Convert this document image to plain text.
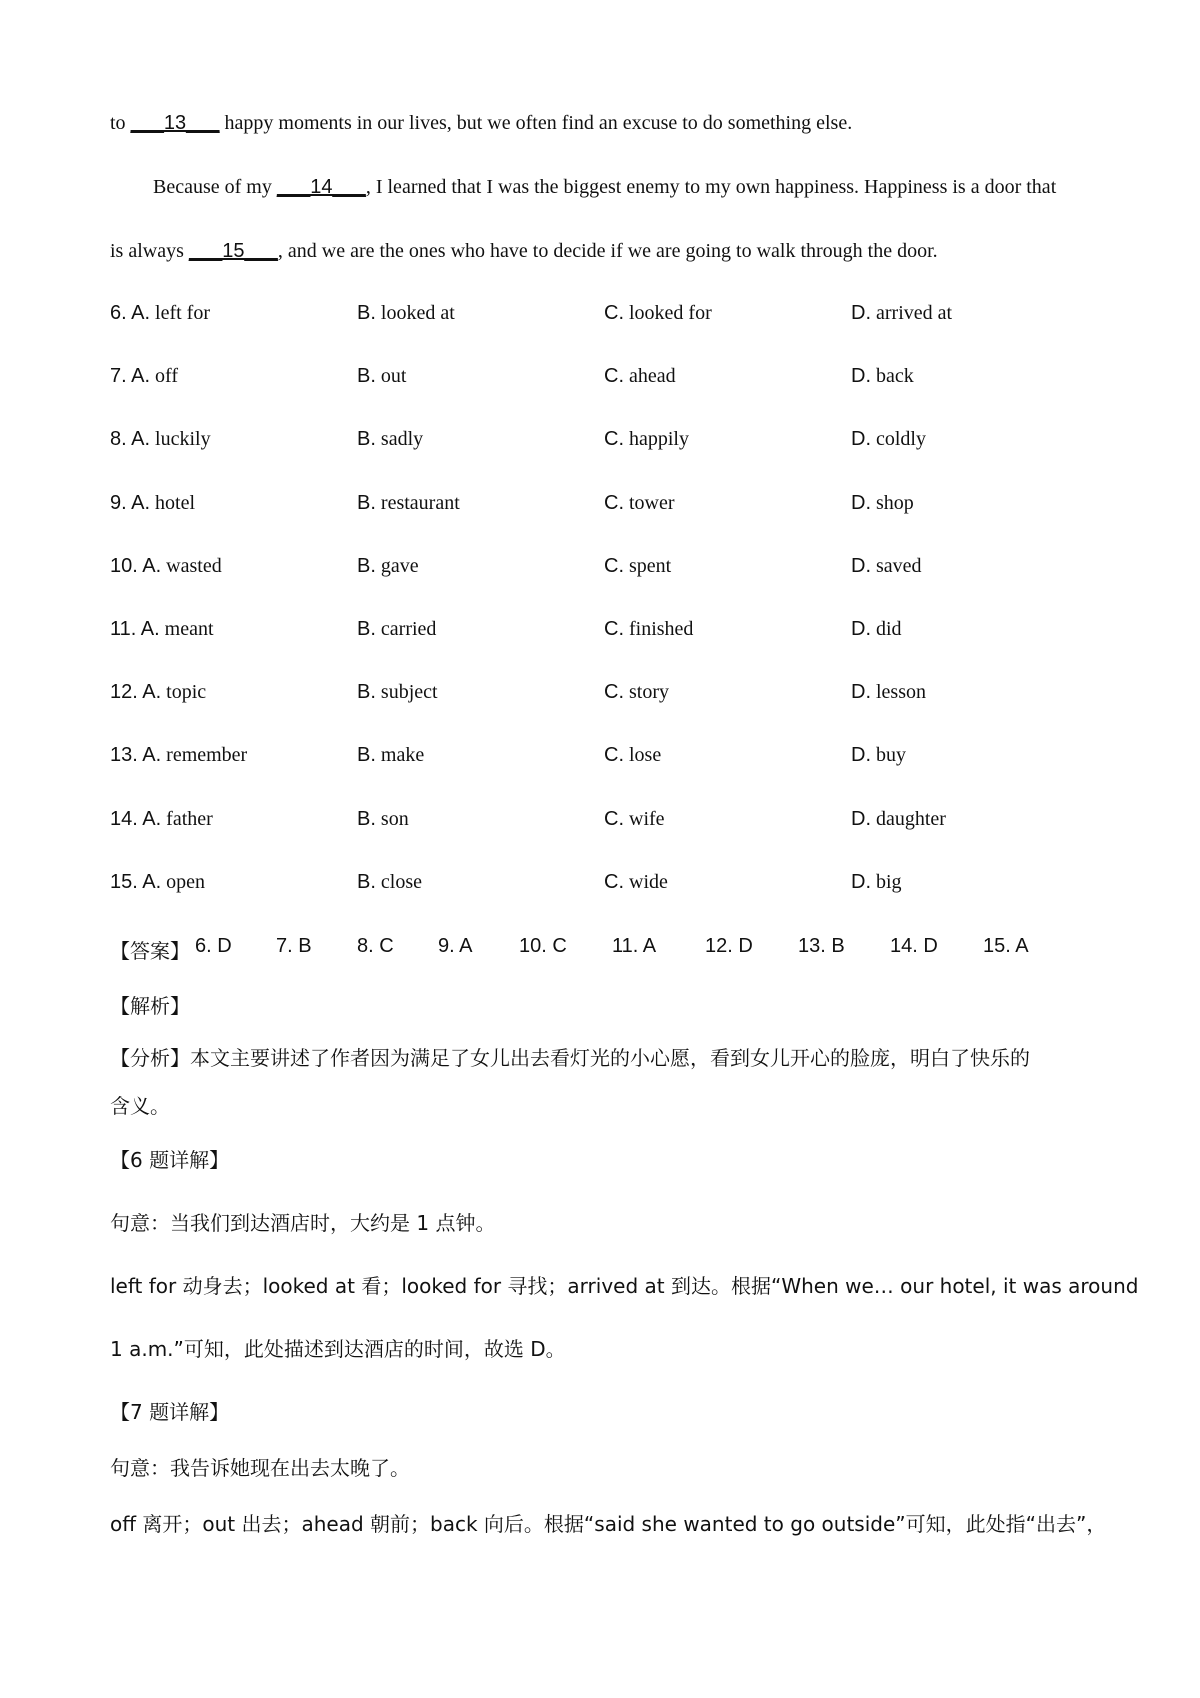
to ___13___ happy moments in our lives, but we often find an excuse to do something else.
Because of my ___14___, I learned that I was the biggest enemy to my own happiness. Happiness is a door that
is always ___15___, and we are the ones who have to decide if we are going to walk through the door.
6. A. left for	B. looked at	C. looked for	D. arrived at
7. A. off	B. out	C. ahead	D. back
8. A. luckily	B. sadly	C. happily	D. coldly
9. A. hotel	B. restaurant	C. tower	D. shop
10. A. wasted	B. gave	C. spent	D. saved
11. A. meant	B. carried	C. finished	D. did
12. A. topic	B. subject	C. story	D. lesson
13. A. remember	B. make	C. lose	D. buy
14. A. father	B. son	C. wife	D. daughter
15. A. open	B. close	C. wide	D. big
【答案】 6. D 7. B 8. C 9. A 10. C 11. A 12. D 13. B 14. D 15. A
【解析】
【分析】本文主要讲述了作者因为满足了女儿出去看灯光的小心愿，看到女儿开心的脸庞，明白了快乐的
含义。
【6 题详解】
句意：当我们到达酒店时，大约是 1 点钟。
left for 动身去；looked at 看；looked for 寻找；arrived at 到达。根据“When we… our hotel, it was around
1 a.m.”可知，此处描述到达酒店的时间，故选 D。
【7 题详解】
句意：我告诉她现在出去太晚了。
off 离开；out 出去；ahead 朝前；back 向后。根据“said she wanted to go outside”可知，此处指“出去”，
